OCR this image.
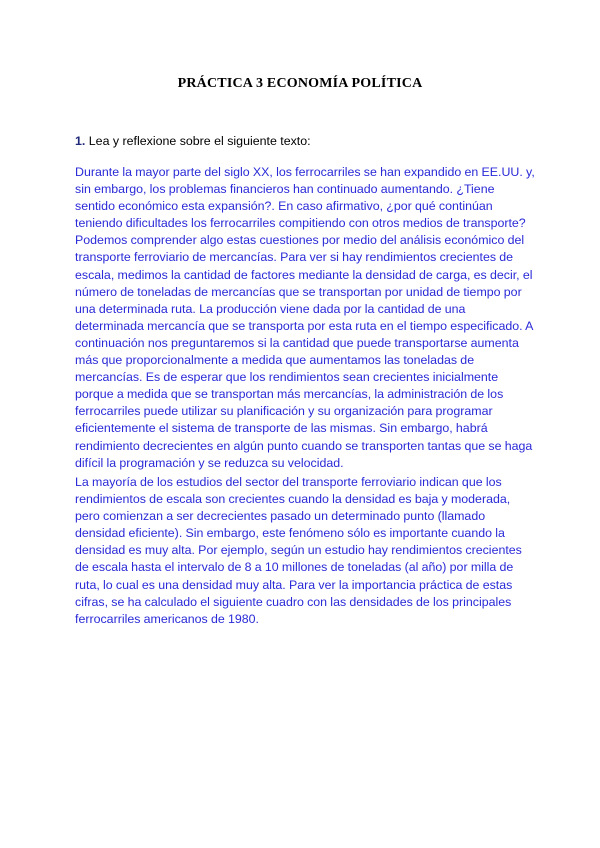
PRÁCTICA 3 ECONOMÍA POLÍTICA

1. Lea y reflexione sobre el siguiente texto:

Durante la mayor parte del siglo XX, los ferrocarriles se han expandido en EE.UU. y, sin embargo, los problemas financieros han continuado aumentando. ¿Tiene sentido económico esta expansión?. En caso afirmativo, ¿por qué continúan teniendo dificultades los ferrocarriles compitiendo con otros medios de transporte? Podemos comprender algo estas cuestiones por medio del análisis económico del transporte ferroviario de mercancías. Para ver si hay rendimientos crecientes de escala, medimos la cantidad de factores mediante la densidad de carga, es decir, el número de toneladas de mercancías que se transportan por unidad de tiempo por una determinada ruta. La producción viene dada por la cantidad de una determinada mercancía que se transporta por esta ruta en el tiempo especificado. A continuación nos preguntaremos si la cantidad que puede transportarse aumenta más que proporcionalmente a medida que aumentamos las toneladas de mercancías. Es de esperar que los rendimientos sean crecientes inicialmente porque a medida que se transportan más mercancías, la administración de los ferrocarriles puede utilizar su planificación y su organización para programar eficientemente el sistema de transporte de las mismas. Sin embargo, habrá rendimiento decrecientes en algún punto cuando se transporten tantas que se haga difícil la programación y se reduzca su velocidad.

La mayoría de los estudios del sector del transporte ferroviario indican que los rendimientos de escala son crecientes cuando la densidad es baja y moderada, pero comienzan a ser decrecientes pasado un determinado punto (llamado densidad eficiente). Sin embargo, este fenómeno sólo es importante cuando la densidad es muy alta. Por ejemplo, según un estudio hay rendimientos crecientes de escala hasta el intervalo de 8 a 10 millones de toneladas (al año) por milla de ruta, lo cual es una densidad muy alta. Para ver la importancia práctica de estas cifras, se ha calculado el siguiente cuadro con las densidades de los principales ferrocarriles americanos de 1980.
